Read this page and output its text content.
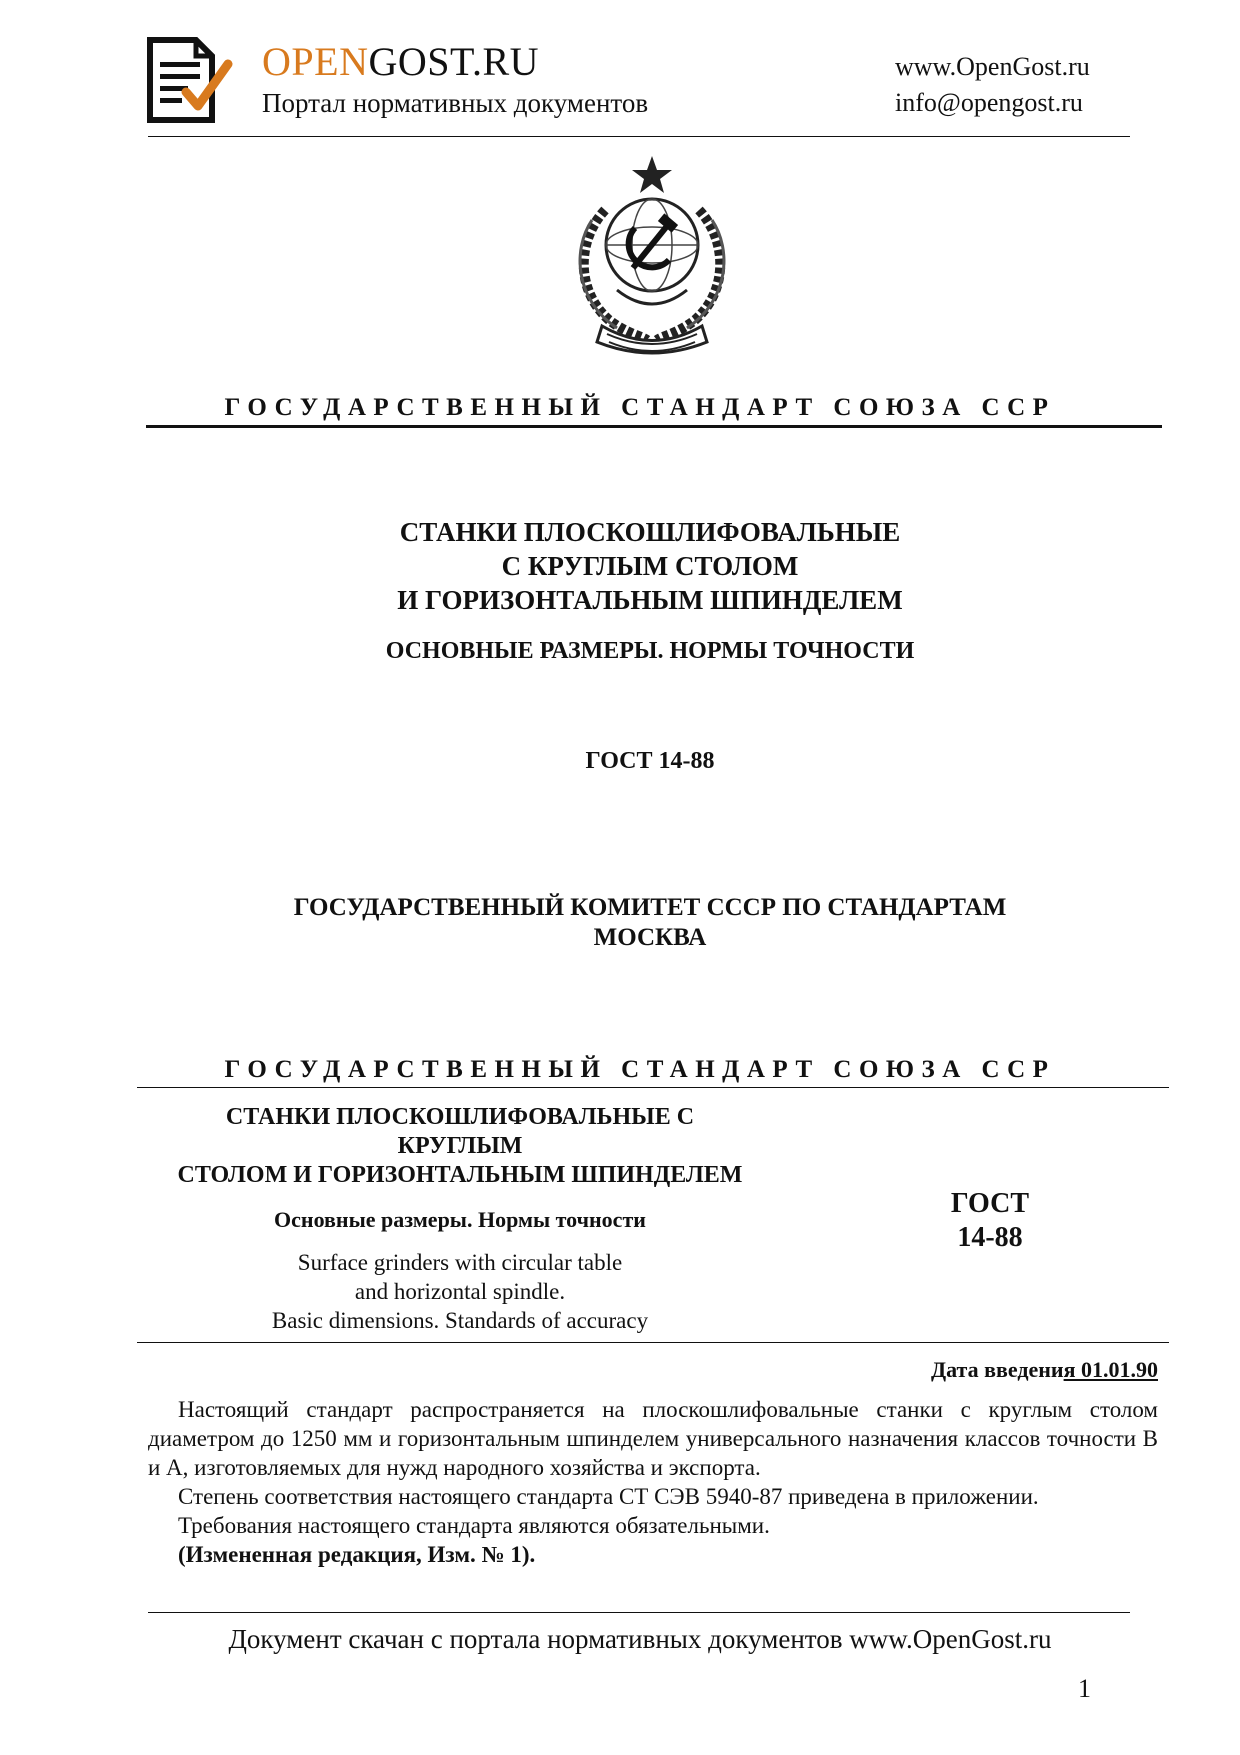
OPENGOST.RU
Портал нормативных документов
www.OpenGost.ru
info@opengost.ru
ГОСУДАРСТВЕННЫЙ СТАНДАРТ СОЮЗА ССР
СТАНКИ ПЛОСКОШЛИФОВАЛЬНЫЕ
С КРУГЛЫМ СТОЛОМ
И ГОРИЗОНТАЛЬНЫМ ШПИНДЕЛЕМ
ОСНОВНЫЕ РАЗМЕРЫ. НОРМЫ ТОЧНОСТИ
ГОСТ 14-88
ГОСУДАРСТВЕННЫЙ КОМИТЕТ СССР ПО СТАНДАРТАМ
МОСКВА
ГОСУДАРСТВЕННЫЙ СТАНДАРТ СОЮЗА ССР
СТАНКИ ПЛОСКОШЛИФОВАЛЬНЫЕ С
КРУГЛЫМ
СТОЛОМ И ГОРИЗОНТАЛЬНЫМ ШПИНДЕЛЕМ
Основные размеры. Нормы точности
Surface grinders with circular table
and horizontal spindle.
Basic dimensions. Standards of accuracy
ГОСТ
14-88
Дата введения 01.01.90
Настоящий стандарт распространяется на плоскошлифовальные станки с круглым столом диаметром до 1250 мм и горизонтальным шпинделем универсального назначения классов точности В и А, изготовляемых для нужд народного хозяйства и экспорта.
Степень соответствия настоящего стандарта СТ СЭВ 5940-87 приведена в приложении.
Требования настоящего стандарта являются обязательными.
(Измененная редакция, Изм. № 1).
Документ скачан с портала нормативных документов www.OpenGost.ru
1
